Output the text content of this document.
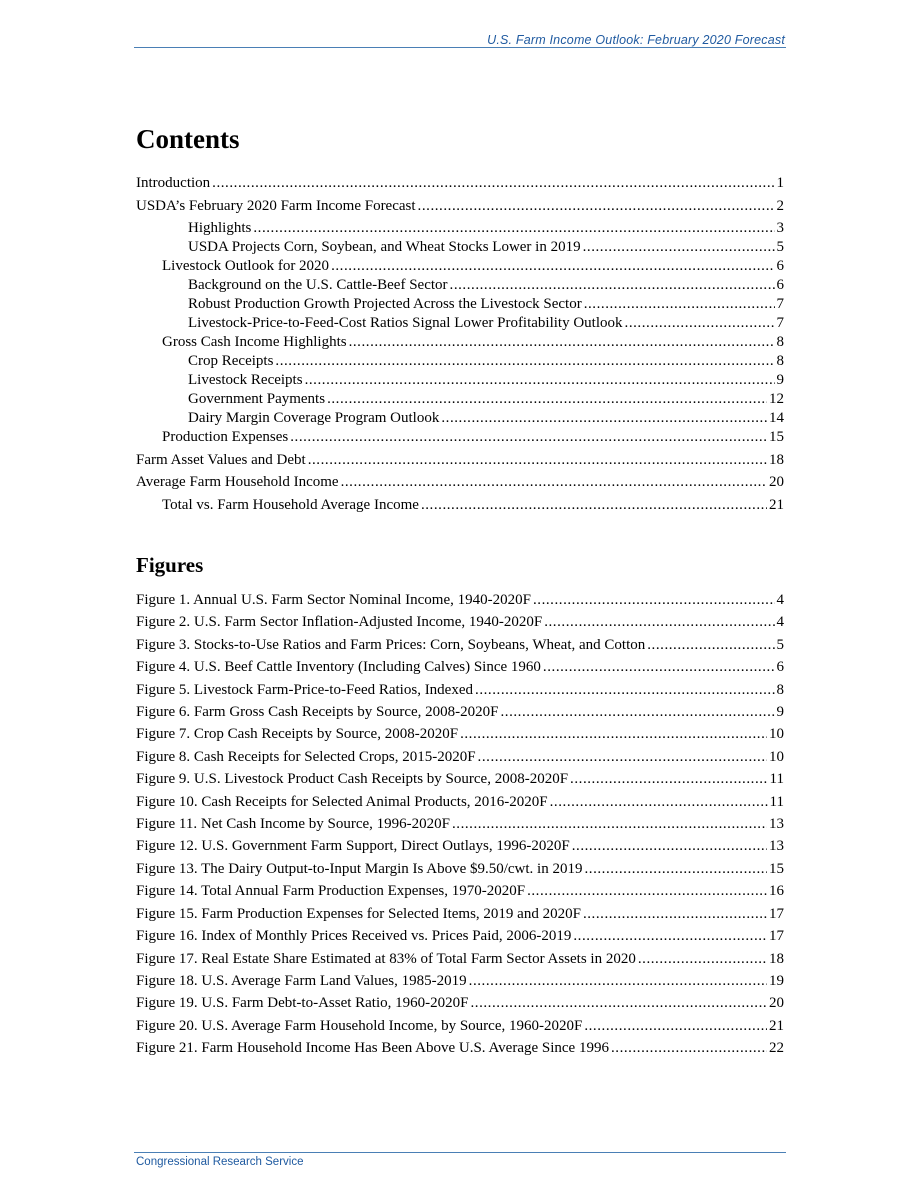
U.S. Farm Income Outlook: February 2020 Forecast
Contents
Introduction . . .	1
USDA’s February 2020 Farm Income Forecast . . .	2
Highlights . . .	3
USDA Projects Corn, Soybean, and Wheat Stocks Lower in 2019 . . .	5
Livestock Outlook for 2020 . . .	6
Background on the U.S. Cattle-Beef Sector . . .	6
Robust Production Growth Projected Across the Livestock Sector . . .	7
Livestock-Price-to-Feed-Cost Ratios Signal Lower Profitability Outlook . . .	7
Gross Cash Income Highlights . . .	8
Crop Receipts . . .	8
Livestock Receipts . . .	9
Government Payments . . .	12
Dairy Margin Coverage Program Outlook . . .	14
Production Expenses . . .	15
Farm Asset Values and Debt . . .	18
Average Farm Household Income . . .	20
Total vs. Farm Household Average Income . . .	21
Figures
Figure 1. Annual U.S. Farm Sector Nominal Income, 1940-2020F . . .	4
Figure 2. U.S. Farm Sector Inflation-Adjusted Income, 1940-2020F . . .	4
Figure 3. Stocks-to-Use Ratios and Farm Prices: Corn, Soybeans, Wheat, and Cotton . . .	5
Figure 4. U.S. Beef Cattle Inventory (Including Calves) Since 1960 . . .	6
Figure 5. Livestock Farm-Price-to-Feed Ratios, Indexed . . .	8
Figure 6. Farm Gross Cash Receipts by Source, 2008-2020F . . .	9
Figure 7. Crop Cash Receipts by Source, 2008-2020F . . .	10
Figure 8. Cash Receipts for Selected Crops, 2015-2020F . . .	10
Figure 9. U.S. Livestock Product Cash Receipts by Source, 2008-2020F . . .	11
Figure 10. Cash Receipts for Selected Animal Products, 2016-2020F . . .	11
Figure 11. Net Cash Income by Source, 1996-2020F . . .	13
Figure 12. U.S. Government Farm Support, Direct Outlays, 1996-2020F . . .	13
Figure 13. The Dairy Output-to-Input Margin Is Above $9.50/cwt. in 2019 . . .	15
Figure 14. Total Annual Farm Production Expenses, 1970-2020F . . .	16
Figure 15. Farm Production Expenses for Selected Items, 2019 and 2020F . . .	17
Figure 16. Index of Monthly Prices Received vs. Prices Paid, 2006-2019 . . .	17
Figure 17. Real Estate Share Estimated at 83% of Total Farm Sector Assets in 2020 . . .	18
Figure 18. U.S. Average Farm Land Values, 1985-2019 . . .	19
Figure 19. U.S. Farm Debt-to-Asset Ratio, 1960-2020F . . .	20
Figure 20. U.S. Average Farm Household Income, by Source, 1960-2020F . . .	21
Figure 21. Farm Household Income Has Been Above U.S. Average Since 1996 . . .	22
Congressional Research Service
